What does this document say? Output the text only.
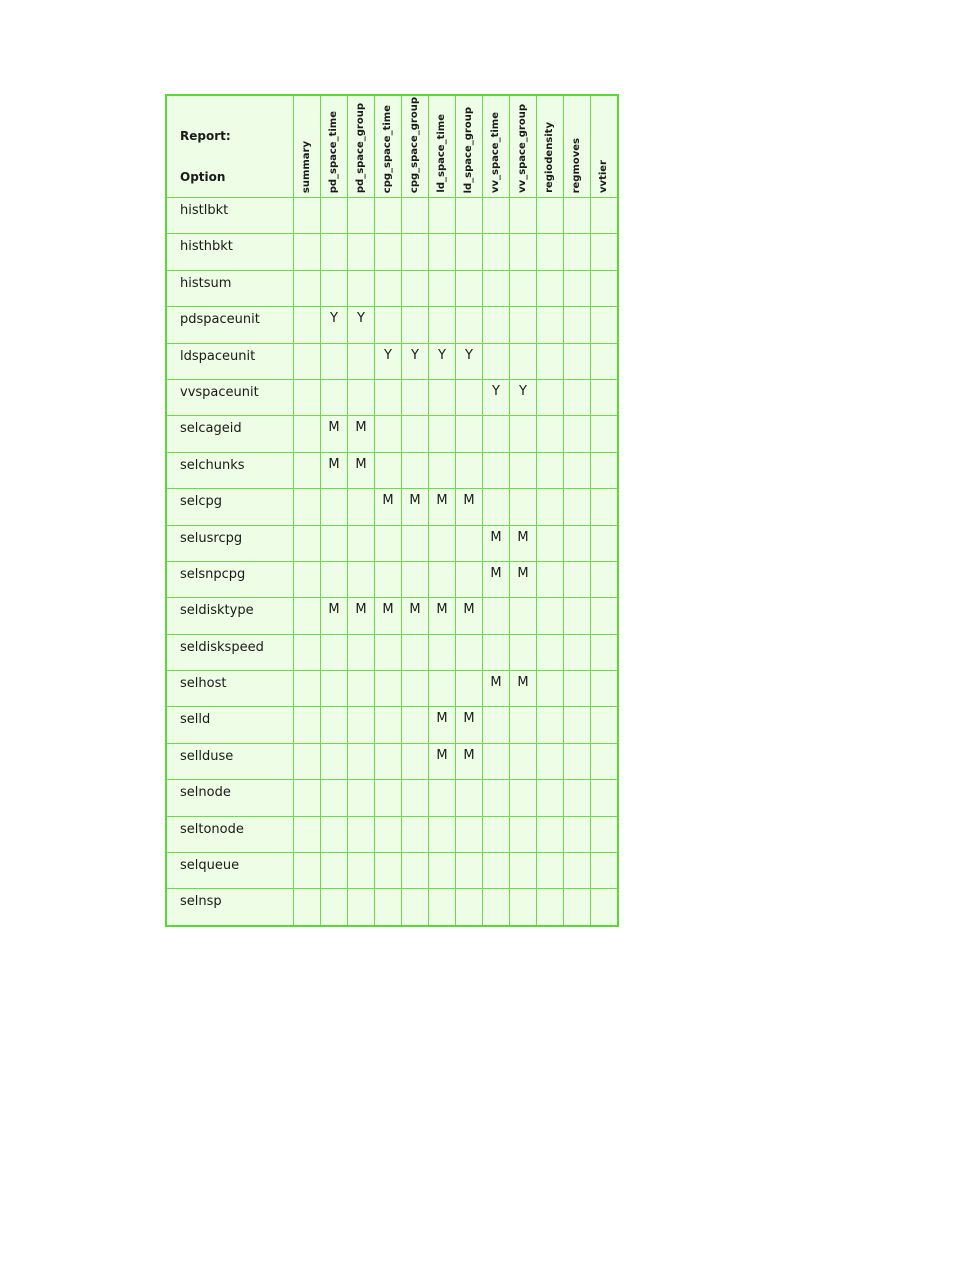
Report:
Option	summary	pd_space_time	pd_space_group	cpg_space_time	cpg_space_group	ld_space_time	ld_space_group	vv_space_time	vv_space_group	regiodensity	regmoves	vvtier

histlbkt												
histhbkt												
histsum												
pdspaceunit		Y	Y									
ldspaceunit				Y	Y	Y	Y					
vvspaceunit								Y	Y			
selcageid		M	M									
selchunks		M	M									
selcpg				M	M	M	M					
selusrcpg								M	M			
selsnpcpg								M	M			
seldisktype		M	M	M	M	M	M					
seldiskspeed												
selhost								M	M			
selld						M	M					
sellduse						M	M					
selnode												
seltonode												
selqueue												
selnsp												
